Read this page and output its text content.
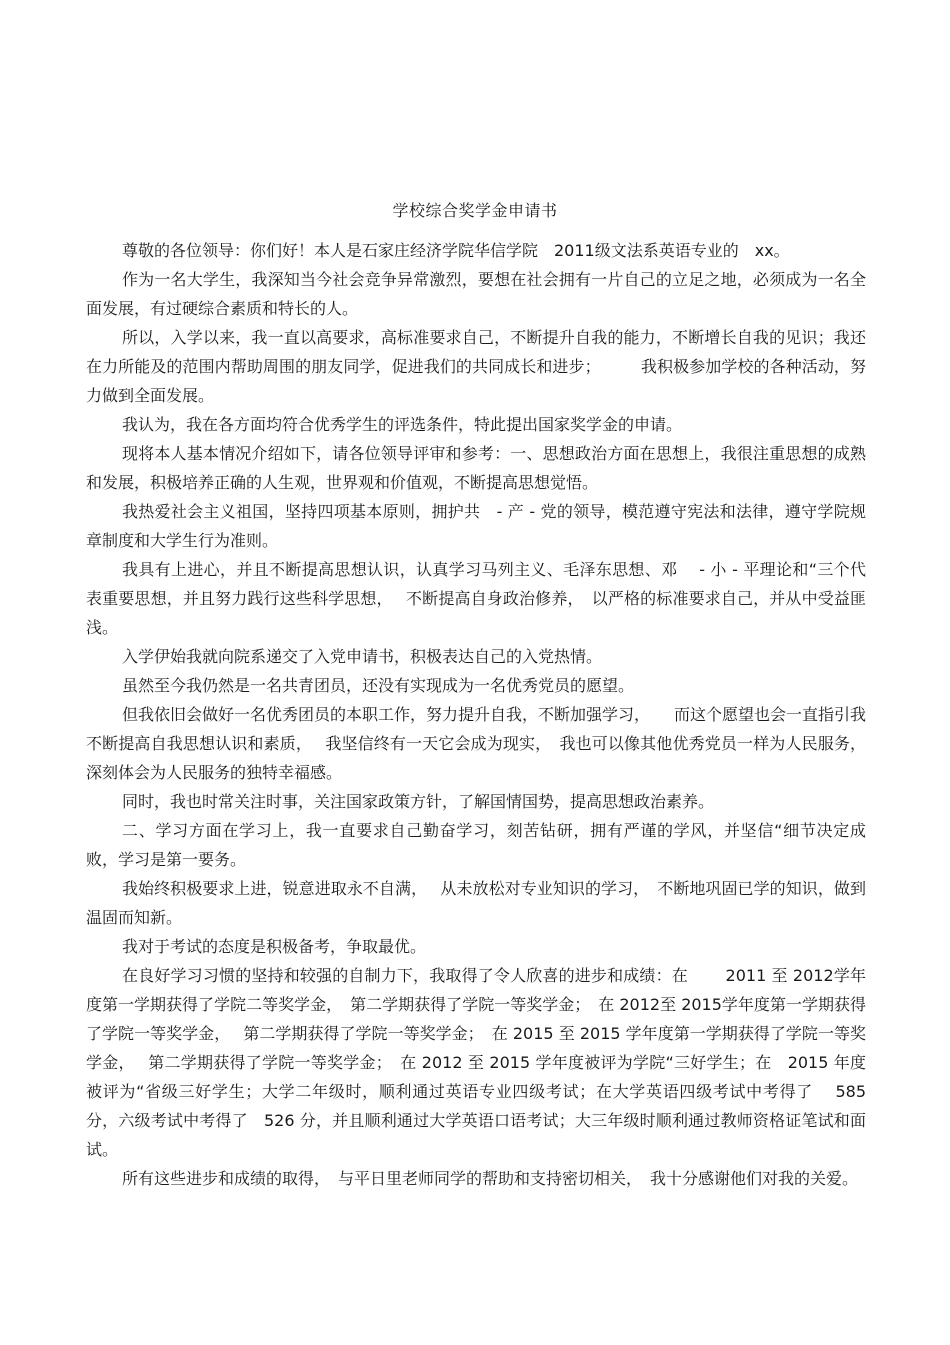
学校综合奖学金申请书

尊敬的各位领导：你们好！本人是石家庄经济学院华信学院　2011级文法系英语专业的　xx。

作为一名大学生，我深知当今社会竞争异常激烈，要想在社会拥有一片自己的立足之地，必须成为一名全面发展，有过硬综合素质和特长的人。

所以，入学以来，我一直以高要求，高标准要求自己，不断提升自我的能力，不断增长自我的见识；我还在力所能及的范围内帮助周围的朋友同学，促进我们的共同成长和进步；　　　我积极参加学校的各种活动，努力做到全面发展。

我认为，我在各方面均符合优秀学生的评选条件，特此提出国家奖学金的申请。

现将本人基本情况介绍如下，请各位领导评审和参考：一、思想政治方面在思想上，我很注重思想的成熟和发展，积极培养正确的人生观，世界观和价值观，不断提高思想觉悟。

我热爱社会主义祖国，坚持四项基本原则，拥护共　- 产 - 党的领导，模范遵守宪法和法律，遵守学院规章制度和大学生行为准则。

我具有上进心，并且不断提高思想认识，认真学习马列主义、毛泽东思想、邓　 - 小 - 平理论和“三个代表重要思想，并且努力践行这些科学思想，　 不断提高自身政治修养，　以严格的标准要求自己，并从中受益匪浅。

入学伊始我就向院系递交了入党申请书，积极表达自己的入党热情。

虽然至今我仍然是一名共青团员，还没有实现成为一名优秀党员的愿望。

但我依旧会做好一名优秀团员的本职工作，努力提升自我，不断加强学习，　　而这个愿望也会一直指引我不断提高自我思想认识和素质，　 我坚信终有一天它会成为现实，　我也可以像其他优秀党员一样为人民服务，深刻体会为人民服务的独特幸福感。

同时，我也时常关注时事，关注国家政策方针，了解国情国势，提高思想政治素养。

二、学习方面在学习上，我一直要求自己勤奋学习，刻苦钻研，拥有严谨的学风，并坚信“细节决定成败，学习是第一要务。

我始终积极要求上进，锐意进取永不自满，　 从未放松对专业知识的学习，　不断地巩固已学的知识，做到温固而知新。

我对于考试的态度是积极备考，争取最优。

在良好学习习惯的坚持和较强的自制力下，我取得了令人欣喜的进步和成绩：在　　 2011 至 2012学年度第一学期获得了学院二等奖学金，　第二学期获得了学院一等奖学金；　在 2012至 2015学年度第一学期获得了学院一等奖学金，　 第二学期获得了学院一等奖学金；　在 2015 至 2015 学年度第一学期获得了学院一等奖学金，　 第二学期获得了学院一等奖学金；　在 2012 至 2015 学年度被评为学院“三好学生；在　2015 年度被评为“省级三好学生；大学二年级时，顺利通过英语专业四级考试；在大学英语四级考试中考得了　 585 分，六级考试中考得了　526 分，并且顺利通过大学英语口语考试；大三年级时顺利通过教师资格证笔试和面试。

所有这些进步和成绩的取得，　与平日里老师同学的帮助和支持密切相关，　我十分感谢他们对我的关爱。
